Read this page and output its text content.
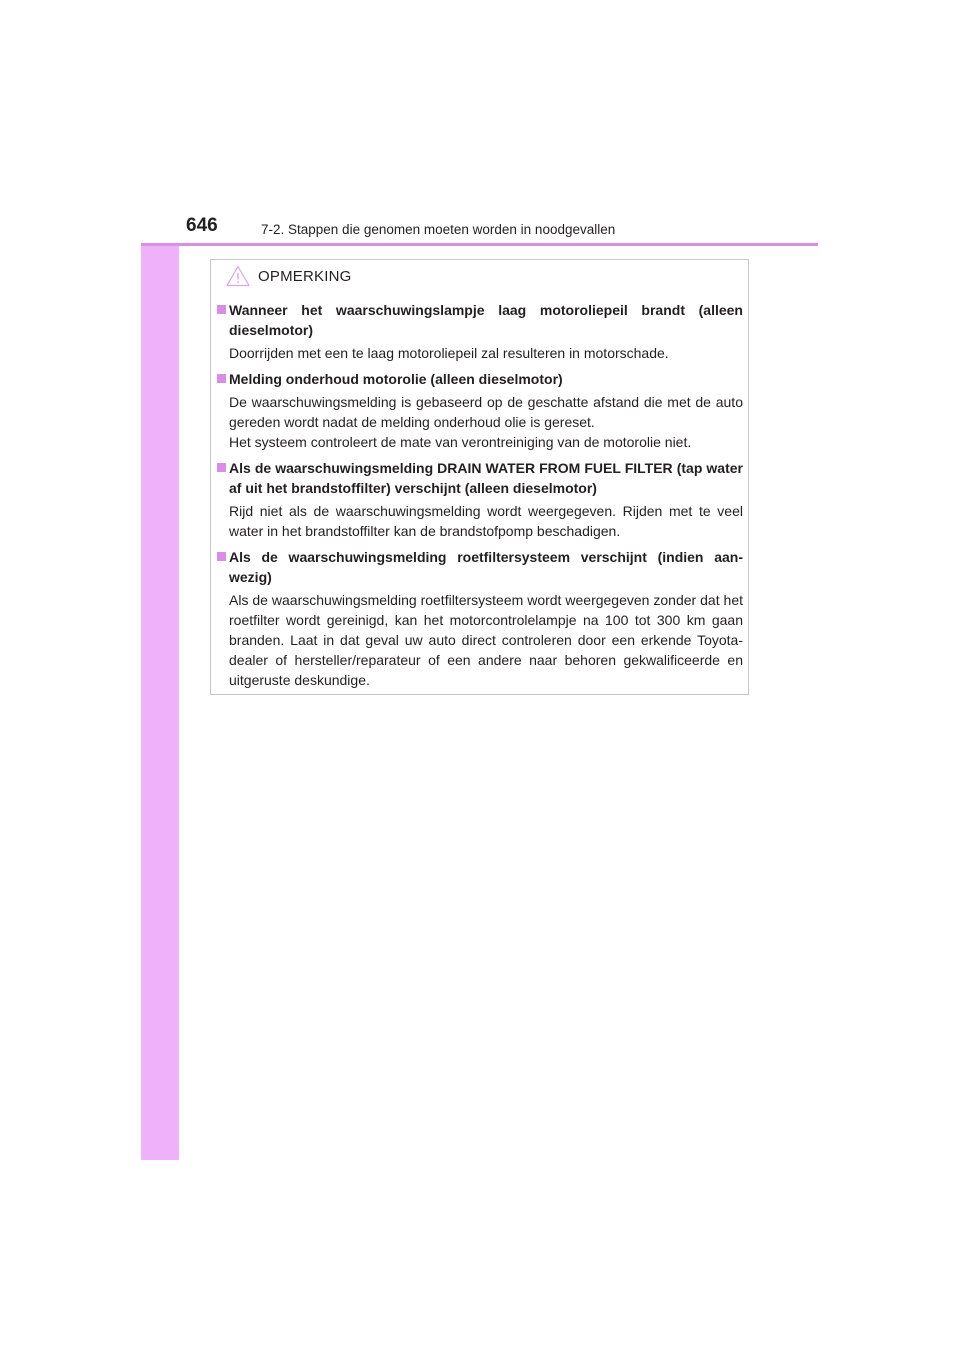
646	7-2. Stappen die genomen moeten worden in noodgevallen
OPMERKING
Wanneer het waarschuwingslampje laag motoroliepeil brandt (alleen dieselmotor)

Doorrijden met een te laag motoroliepeil zal resulteren in motorschade.

Melding onderhoud motorolie (alleen dieselmotor)

De waarschuwingsmelding is gebaseerd op de geschatte afstand die met de auto gereden wordt nadat de melding onderhoud olie is gereset.

Het systeem controleert de mate van verontreiniging van de motorolie niet.

Als de waarschuwingsmelding DRAIN WATER FROM FUEL FILTER (tap water af uit het brandstoffilter) verschijnt (alleen dieselmotor)

Rijd niet als de waarschuwingsmelding wordt weergegeven. Rijden met te veel water in het brandstoffilter kan de brandstofpomp beschadigen.

Als de waarschuwingsmelding roetfiltersysteem verschijnt (indien aan-wezig)

Als de waarschuwingsmelding roetfiltersysteem wordt weergegeven zonder dat het roetfilter wordt gereinigd, kan het motorcontrolelampje na 100 tot 300 km gaan branden. Laat in dat geval uw auto direct controleren door een erkende Toyota-dealer of hersteller/reparateur of een andere naar behoren gekwalificeerde en uitgeruste deskundige.
